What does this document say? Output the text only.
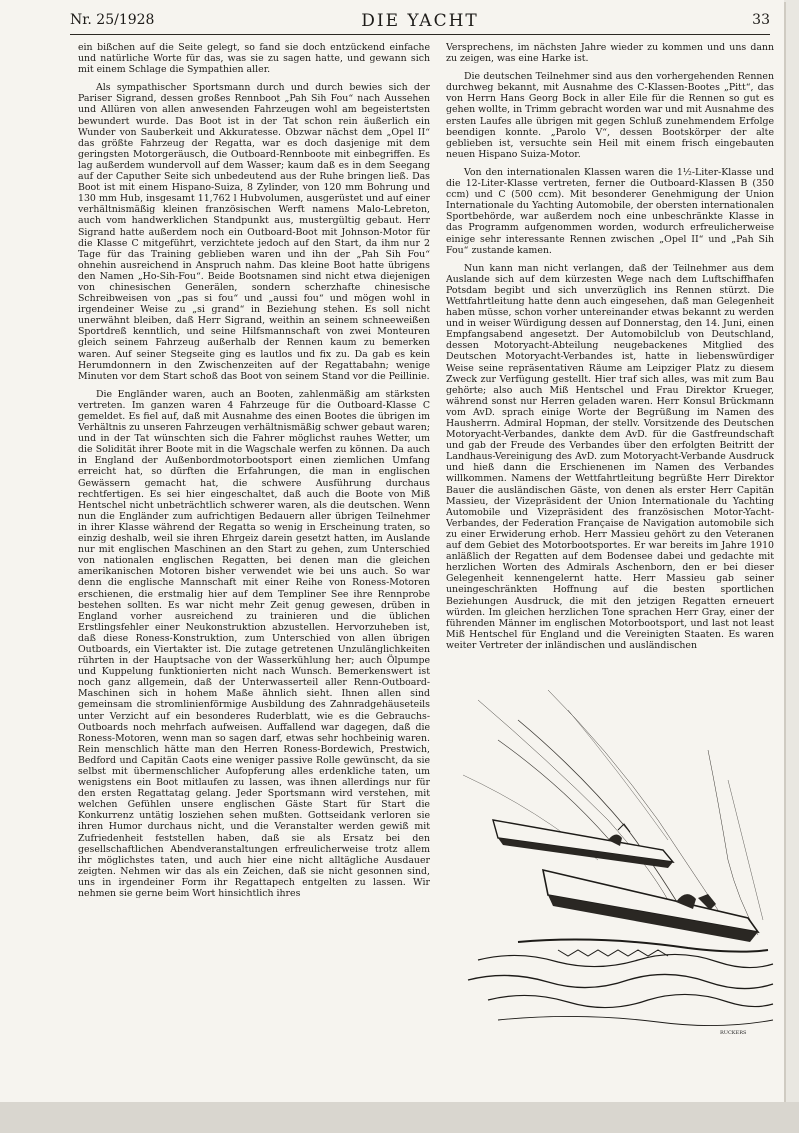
Nr. 25/1928	DIE YACHT	33

ein bißchen auf die Seite gelegt, so fand sie doch entzückend einfache und natürliche Worte für das, was sie zu sagen hatte, und gewann sich mit einem Schlage die Sympathien aller.

Als sympathischer Sportsmann durch und durch bewies sich der Pariser Sigrand, dessen großes Rennboot „Pah Sih Fou“ nach Aussehen und Allüren von allen anwesenden Fahrzeugen wohl am begeistertsten bewundert wurde. Das Boot ist in der Tat schon rein äußerlich ein Wunder von Sauberkeit und Akkuratesse. Obzwar nächst dem „Opel II“ das größte Fahrzeug der Regatta, war es doch dasjenige mit dem geringsten Motorgeräusch, die Outboard-Rennboote mit einbegriffen. Es lag außerdem wundervoll auf dem Wasser; kaum daß es in dem Seegang auf der Caputher Seite sich unbedeutend aus der Ruhe bringen ließ. Das Boot ist mit einem Hispano-Suiza, 8 Zylinder, von 120 mm Bohrung und 130 mm Hub, insgesamt 11,762 l Hubvolumen, ausgerüstet und auf einer verhältnismäßig kleinen französischen Werft namens Malo-Lebreton, auch vom handwerklichen Standpunkt aus, mustergültig gebaut. Herr Sigrand hatte außerdem noch ein Outboard-Boot mit Johnson-Motor für die Klasse C mitgeführt, verzichtete jedoch auf den Start, da ihm nur 2 Tage für das Training geblieben waren und ihn der „Pah Sih Fou“ ohnehin ausreichend in Anspruch nahm. Das kleine Boot hatte übrigens den Namen „Ho-Sih-Fou“. Beide Bootsnamen sind nicht etwa diejenigen von chinesischen Generälen, sondern scherzhafte chinesische Schreibweisen von „pas si fou“ und „aussi fou“ und mögen wohl in irgendeiner Weise zu „si grand“ in Beziehung stehen. Es soll nicht unerwähnt bleiben, daß Herr Sigrand, weithin an seinem schneeweißen Sportdreß kenntlich, und seine Hilfsmannschaft von zwei Monteuren gleich seinem Fahrzeug außerhalb der Rennen kaum zu bemerken waren. Auf seiner Stegseite ging es lautlos und fix zu. Da gab es kein Herumdonnern in den Zwischenzeiten auf der Regattabahn; wenige Minuten vor dem Start schoß das Boot von seinem Stand vor die Peillinie.

Die Engländer waren, auch an Booten, zahlenmäßig am stärksten vertreten. Im ganzen waren 4 Fahrzeuge für die Outboard-Klasse C gemeldet. Es fiel auf, daß mit Ausnahme des einen Bootes die übrigen im Verhältnis zu unseren Fahrzeugen verhältnismäßig schwer gebaut waren; und in der Tat wünschten sich die Fahrer möglichst rauhes Wetter, um die Solidität ihrer Boote mit in die Wagschale werfen zu können. Da auch in England der Außenbordmotorbootsport einen ziemlichen Umfang erreicht hat, so dürften die Erfahrungen, die man in englischen Gewässern gemacht hat, die schwere Ausführung durchaus rechtfertigen. Es sei hier eingeschaltet, daß auch die Boote von Miß Hentschel nicht unbeträchtlich schwerer waren, als die deutschen. Wenn nun die Engländer zum aufrichtigen Bedauern aller übrigen Teilnehmer in ihrer Klasse während der Regatta so wenig in Erscheinung traten, so einzig deshalb, weil sie ihren Ehrgeiz darein gesetzt hatten, im Auslande nur mit englischen Maschinen an den Start zu gehen, zum Unterschied von nationalen englischen Regatten, bei denen man die gleichen amerikanischen Motoren bisher verwendet wie bei uns auch. So war denn die englische Mannschaft mit einer Reihe von Roness-Motoren erschienen, die erstmalig hier auf dem Templiner See ihre Rennprobe bestehen sollten. Es war nicht mehr Zeit genug gewesen, drüben in England vorher ausreichend zu trainieren und die üblichen Erstlingsfehler einer Neukonstruktion abzustellen. Hervorzuheben ist, daß diese Roness-Konstruktion, zum Unterschied von allen übrigen Outboards, ein Viertakter ist. Die zutage getretenen Unzulänglichkeiten rührten in der Hauptsache von der Wasserkühlung her; auch Ölpumpe und Kuppelung funktionierten nicht nach Wunsch. Bemerkenswert ist noch ganz allgemein, daß der Unterwasserteil aller Renn-Outboard-Maschinen sich in hohem Maße ähnlich sieht. Ihnen allen sind gemeinsam die stromlinienförmige Ausbildung des Zahnradgehäuseteils unter Verzicht auf ein besonderes Ruderblatt, wie es die Gebrauchs-Outboards noch mehrfach aufweisen. Auffallend war dagegen, daß die Roness-Motoren, wenn man so sagen darf, etwas sehr hochbeinig waren. Rein menschlich hätte man den Herren Roness-Bordewich, Prestwich, Bedford und Capitän Caots eine weniger passive Rolle gewünscht, da sie selbst mit übermenschlicher Aufopferung alles erdenkliche taten, um wenigstens ein Boot mitlaufen zu lassen, was ihnen allerdings nur für den ersten Regattatag gelang. Jeder Sportsmann wird verstehen, mit welchen Gefühlen unsere englischen Gäste Start für Start die Konkurrenz untätig losziehen sehen mußten. Gottseidank verloren sie ihren Humor durchaus nicht, und die Veranstalter werden gewiß mit Zufriedenheit feststellen haben, daß sie als Ersatz bei den gesellschaftlichen Abendveranstaltungen erfreulicherweise trotz allem ihr möglichstes taten, und auch hier eine nicht alltägliche Ausdauer zeigten. Nehmen wir das als ein Zeichen, daß sie nicht gesonnen sind, uns in irgendeiner Form ihr Regattapech entgelten zu lassen. Wir nehmen sie gerne beim Wort hinsichtlich ihres

Versprechens, im nächsten Jahre wieder zu kommen und uns dann zu zeigen, was eine Harke ist.

Die deutschen Teilnehmer sind aus den vorhergehenden Rennen durchweg bekannt, mit Ausnahme des C-Klassen-Bootes „Pitt“, das von Herrn Hans Georg Bock in aller Eile für die Rennen so gut es gehen wollte, in Trimm gebracht worden war und mit Ausnahme des ersten Laufes alle übrigen mit gegen Schluß zunehmendem Erfolge beendigen konnte. „Parolo V“, dessen Bootskörper der alte geblieben ist, versuchte sein Heil mit einem frisch eingebauten neuen Hispano Suiza-Motor.

Von den internationalen Klassen waren die 1½-Liter-Klasse und die 12-Liter-Klasse vertreten, ferner die Outboard-Klassen B (350 ccm) und C (500 ccm). Mit besonderer Genehmigung der Union Internationale du Yachting Automobile, der obersten internationalen Sportbehörde, war außerdem noch eine unbeschränkte Klasse in das Programm aufgenommen worden, wodurch erfreulicherweise einige sehr interessante Rennen zwischen „Opel II“ und „Pah Sih Fou“ zustande kamen.

Nun kann man nicht verlangen, daß der Teilnehmer aus dem Auslande sich auf dem kürzesten Wege nach dem Luftschiffhafen Potsdam begibt und sich unverzüglich ins Rennen stürzt. Die Wettfahrtleitung hatte denn auch eingesehen, daß man Gelegenheit haben müsse, schon vorher untereinander etwas bekannt zu werden und in weiser Würdigung dessen auf Donnerstag, den 14. Juni, einen Empfangsabend angesetzt. Der Automobilclub von Deutschland, dessen Motoryacht-Abteilung neugebackenes Mitglied des Deutschen Motoryacht-Verbandes ist, hatte in liebenswürdiger Weise seine repräsentativen Räume am Leipziger Platz zu diesem Zweck zur Verfügung gestellt. Hier traf sich alles, was mit zum Bau gehörte; also auch Miß Hentschel und Frau Direktor Krueger, während sonst nur Herren geladen waren. Herr Konsul Brückmann vom AvD. sprach einige Worte der Begrüßung im Namen des Hausherrn. Admiral Hopman, der stellv. Vorsitzende des Deutschen Motoryacht-Verbandes, dankte dem AvD. für die Gastfreundschaft und gab der Freude des Verbandes über den erfolgten Beitritt der Landhaus-Vereinigung des AvD. zum Motoryacht-Verbande Ausdruck und hieß dann die Erschienenen im Namen des Verbandes willkommen. Namens der Wettfahrtleitung begrüßte Herr Direktor Bauer die ausländischen Gäste, von denen als erster Herr Capitän Massieu, der Vizepräsident der Union Internationale du Yachting Automobile und Vizepräsident des französischen Motor-Yacht-Verbandes, der Federation Française de Navigation automobile sich zu einer Erwiderung erhob. Herr Massieu gehört zu den Veteranen auf dem Gebiet des Motorbootsportes. Er war bereits im Jahre 1910 anläßlich der Regatten auf dem Bodensee dabei und gedachte mit herzlichen Worten des Admirals Aschenborn, den er bei dieser Gelegenheit kennengelernt hatte. Herr Massieu gab seiner uneingeschränkten Hoffnung auf die besten sportlichen Beziehungen Ausdruck, die mit den jetzigen Regatten erneuert würden. Im gleichen herzlichen Tone sprachen Herr Gray, einer der führenden Männer im englischen Motorbootsport, und last not least Miß Hentschel für England und die Vereinigten Staaten. Es waren weiter Vertreter der inländischen und ausländischen

RUCKERS
